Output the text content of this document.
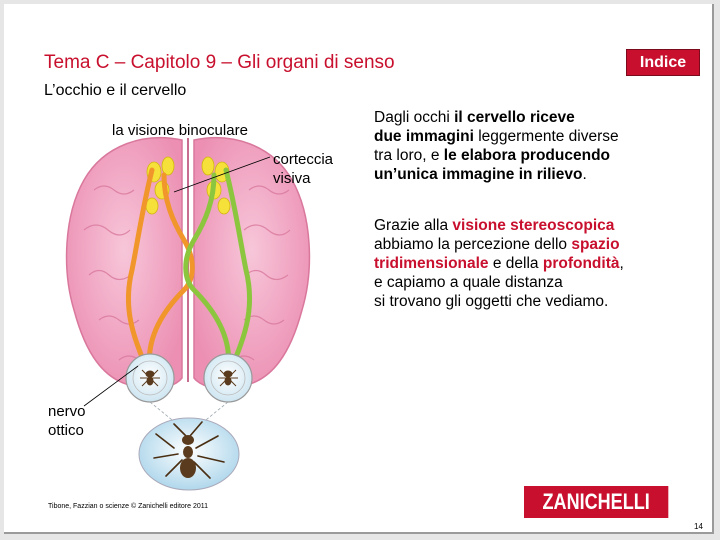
Tema C – Capitolo 9 – Gli organi di senso
L’occhio e il cervello
Indice
la visione binoculare
corteccia
visiva
nervo
ottico
Dagli occhi il cervello riceve
due immagini leggermente diverse
tra loro, e le elabora producendo
un’unica immagine in rilievo.
Grazie alla visione stereoscopica
abbiamo la percezione dello spazio
tridimensionale e della profondità,
e capiamo a quale distanza
si trovano gli oggetti che vediamo.
Tibone, Fazzian o scienze © Zanichelli editore 2011	ZANICHELLI
14
